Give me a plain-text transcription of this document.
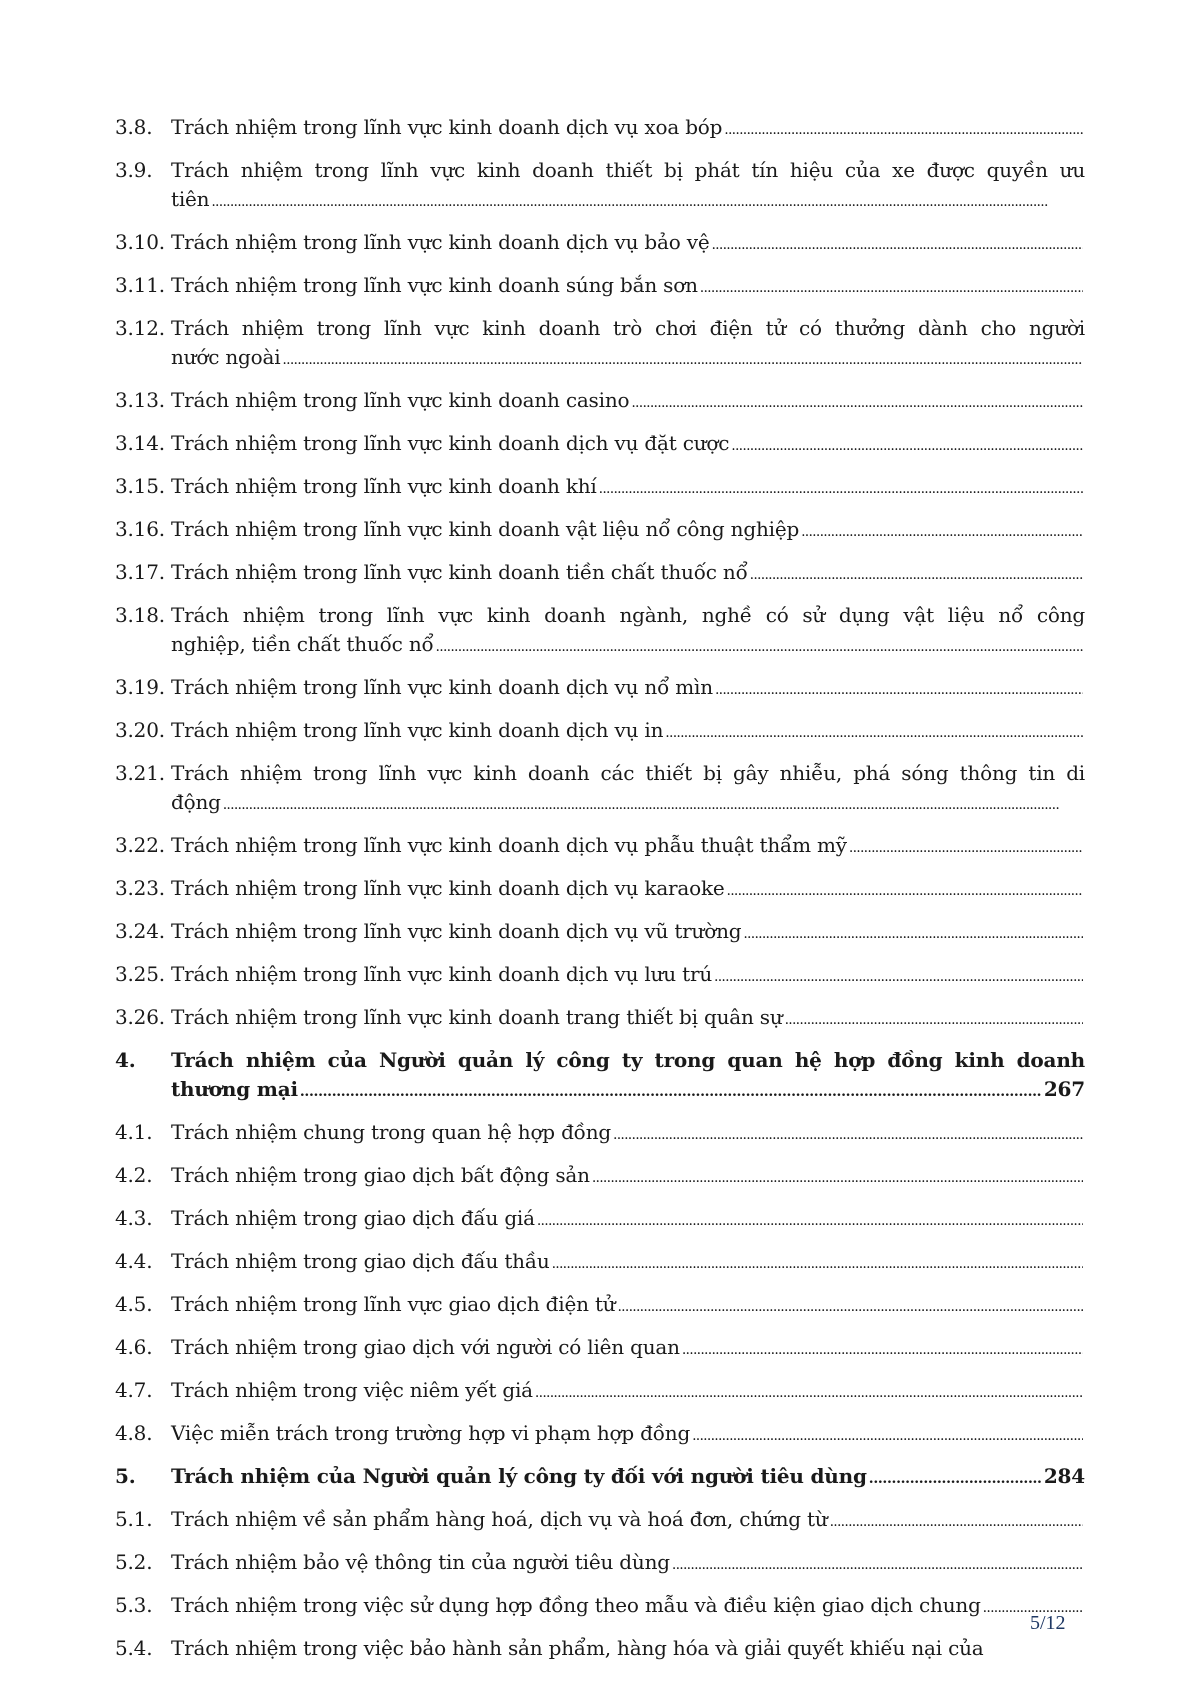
3.8. Trách nhiệm trong lĩnh vực kinh doanh dịch vụ xoa bóp
. . .
3.9. Trách nhiệm trong lĩnh vực kinh doanh thiết bị phát tín hiệu của xe được quyền ưu
tiên
. . .
3.10. Trách nhiệm trong lĩnh vực kinh doanh dịch vụ bảo vệ
. . .
3.11. Trách nhiệm trong lĩnh vực kinh doanh súng bắn sơn
. . .
3.12. Trách nhiệm trong lĩnh vực kinh doanh trò chơi điện tử có thưởng dành cho người
nước ngoài
. . .
3.13. Trách nhiệm trong lĩnh vực kinh doanh casino
. . .
3.14. Trách nhiệm trong lĩnh vực kinh doanh dịch vụ đặt cược
. . .
3.15. Trách nhiệm trong lĩnh vực kinh doanh khí
. . .
3.16. Trách nhiệm trong lĩnh vực kinh doanh vật liệu nổ công nghiệp
. . .
3.17. Trách nhiệm trong lĩnh vực kinh doanh tiền chất thuốc nổ
. . .
3.18. Trách nhiệm trong lĩnh vực kinh doanh ngành, nghề có sử dụng vật liệu nổ công
nghiệp, tiền chất thuốc nổ
. . .
3.19. Trách nhiệm trong lĩnh vực kinh doanh dịch vụ nổ mìn
. . .
3.20. Trách nhiệm trong lĩnh vực kinh doanh dịch vụ in
. . .
3.21. Trách nhiệm trong lĩnh vực kinh doanh các thiết bị gây nhiễu, phá sóng thông tin di
động
. . .
3.22. Trách nhiệm trong lĩnh vực kinh doanh dịch vụ phẫu thuật thẩm mỹ
. . .
3.23. Trách nhiệm trong lĩnh vực kinh doanh dịch vụ karaoke
. . .
3.24. Trách nhiệm trong lĩnh vực kinh doanh dịch vụ vũ trường
. . .
3.25. Trách nhiệm trong lĩnh vực kinh doanh dịch vụ lưu trú
. . .
3.26. Trách nhiệm trong lĩnh vực kinh doanh trang thiết bị quân sự
. . .
4.	Trách nhiệm của Người quản lý công ty trong quan hệ hợp đồng kinh doanh
thương mại . . .	267
4.1. Trách nhiệm chung trong quan hệ hợp đồng
. . .
4.2. Trách nhiệm trong giao dịch bất động sản
. . .
4.3. Trách nhiệm trong giao dịch đấu giá
. . .
4.4. Trách nhiệm trong giao dịch đấu thầu
. . .
4.5. Trách nhiệm trong lĩnh vực giao dịch điện tử
. . .
4.6. Trách nhiệm trong giao dịch với người có liên quan
. . .
4.7. Trách nhiệm trong việc niêm yết giá
. . .
4.8. Việc miễn trách trong trường hợp vi phạm hợp đồng
. . .
5.	Trách nhiệm của Người quản lý công ty đối với người tiêu dùng . . .	284
5.1. Trách nhiệm về sản phẩm hàng hoá, dịch vụ và hoá đơn, chứng từ
. . .
5.2. Trách nhiệm bảo vệ thông tin của người tiêu dùng
. . .
5.3. Trách nhiệm trong việc sử dụng hợp đồng theo mẫu và điều kiện giao dịch chung
. . .
5.4. Trách nhiệm trong việc bảo hành sản phẩm, hàng hóa và giải quyết khiếu nại của
5/12
